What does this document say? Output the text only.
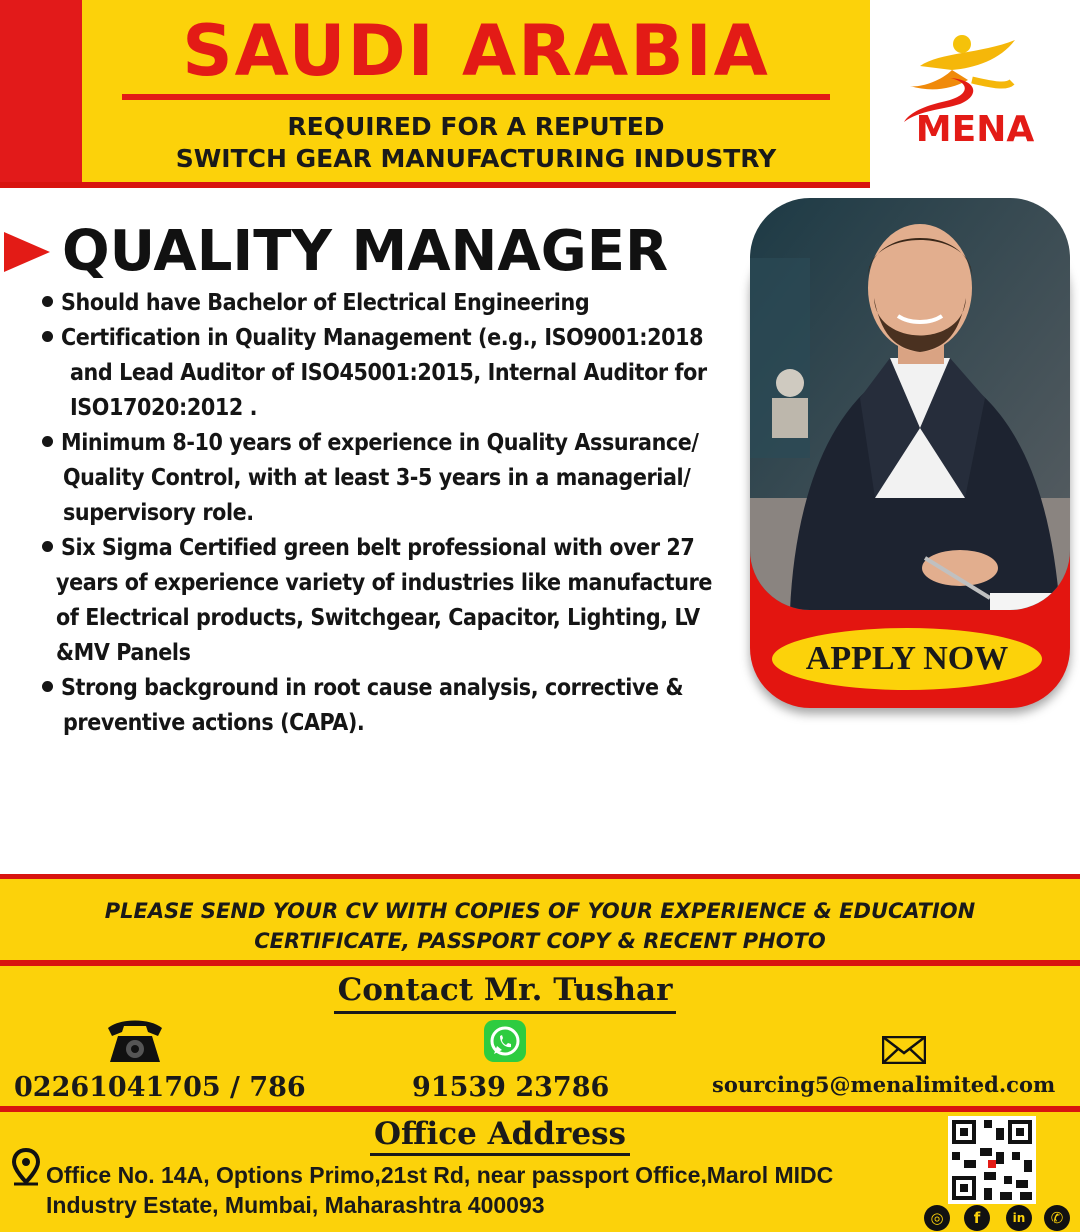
SAUDI ARABIA
REQUIRED FOR A REPUTED
SWITCH GEAR MANUFACTURING INDUSTRY
MENA
QUALITY MANAGER
Should have Bachelor of Electrical Engineering
Certification in Quality Management (e.g., ISO9001:2018
and Lead Auditor of ISO45001:2015, Internal Auditor for
ISO17020:2012 .
Minimum 8-10 years of experience in Quality Assurance/
Quality Control, with at least 3-5 years in a managerial/
supervisory role.
Six Sigma Certified green belt professional with over 27
years of experience variety of industries like manufacture
of Electrical products, Switchgear, Capacitor, Lighting, LV
&MV Panels
Strong background in root cause analysis, corrective &
preventive actions (CAPA).
APPLY NOW
PLEASE SEND YOUR CV WITH COPIES OF YOUR EXPERIENCE & EDUCATION
CERTIFICATE, PASSPORT COPY & RECENT PHOTO
Contact Mr. Tushar
02261041705 / 786	91539 23786	sourcing5@menalimited.com
Office Address
Office No. 14A, Options Primo,21st Rd, near passport Office,Marol MIDC
Industry Estate, Mumbai, Maharashtra 400093	◎	f	in	✆
